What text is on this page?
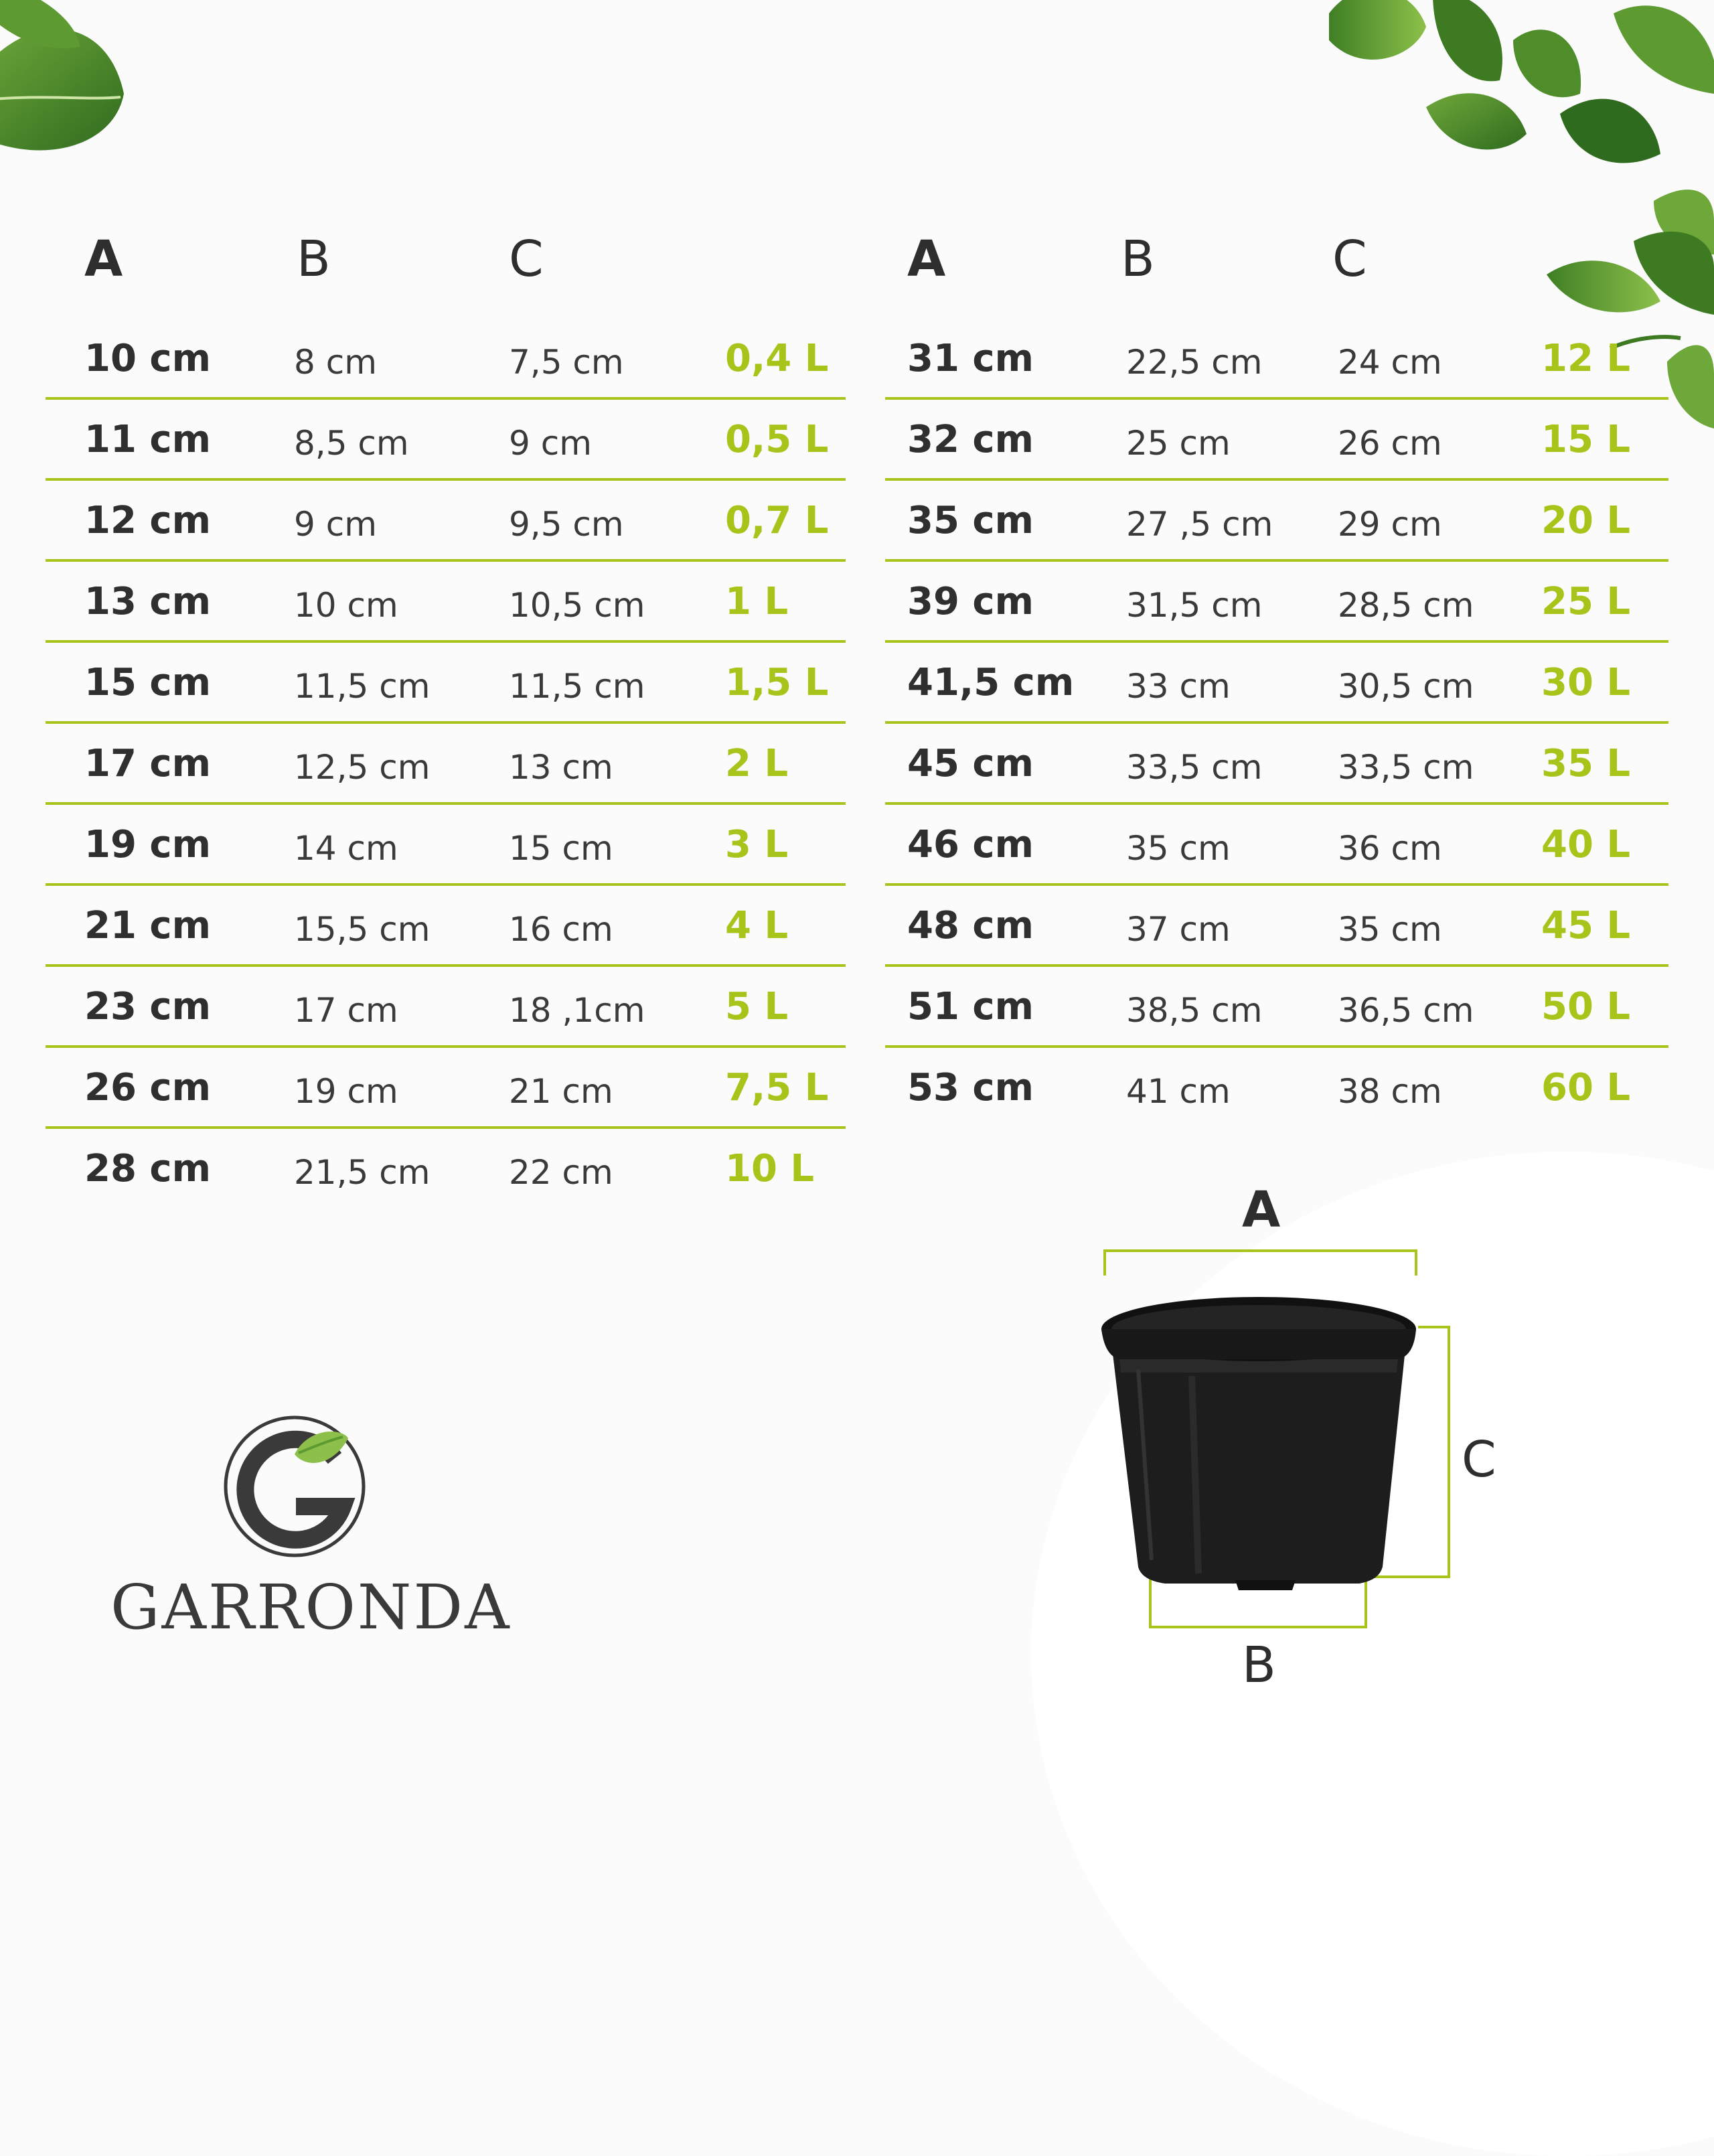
A	B	C
10 cm 8 cm	7,5 cm	0,4 L
11 cm 8,5 cm	9 cm	0,5 L
12 cm 9 cm	9,5 cm	0,7 L
13 cm 10 cm	10,5 cm 1 L
15 cm 11,5 cm 11,5 cm 1,5 L
17 cm 12,5 cm 13 cm	2 L
19 cm 14 cm	15 cm	3 L
21 cm 15,5 cm 16 cm	4 L
23 cm 17 cm	18 ,1cm 5 L
26 cm 19 cm	21 cm	7,5 L
28 cm 21,5 cm 22 cm	10 L
A	B	C
31 cm	22,5 cm 24 cm	12 L
32 cm	25 cm	26 cm	15 L
35 cm	27 ,5 cm 29 cm	20 L
39 cm	31,5 cm 28,5 cm 25 L
41,5 cm 33 cm	30,5 cm 30 L
45 cm	33,5 cm 33,5 cm 35 L
46 cm	35 cm	36 cm	40 L
48 cm	37 cm	35 cm	45 L
51 cm	38,5 cm 36,5 cm 50 L
53 cm	41 cm	38 cm	60 L
A
C
B
GARRONDA
